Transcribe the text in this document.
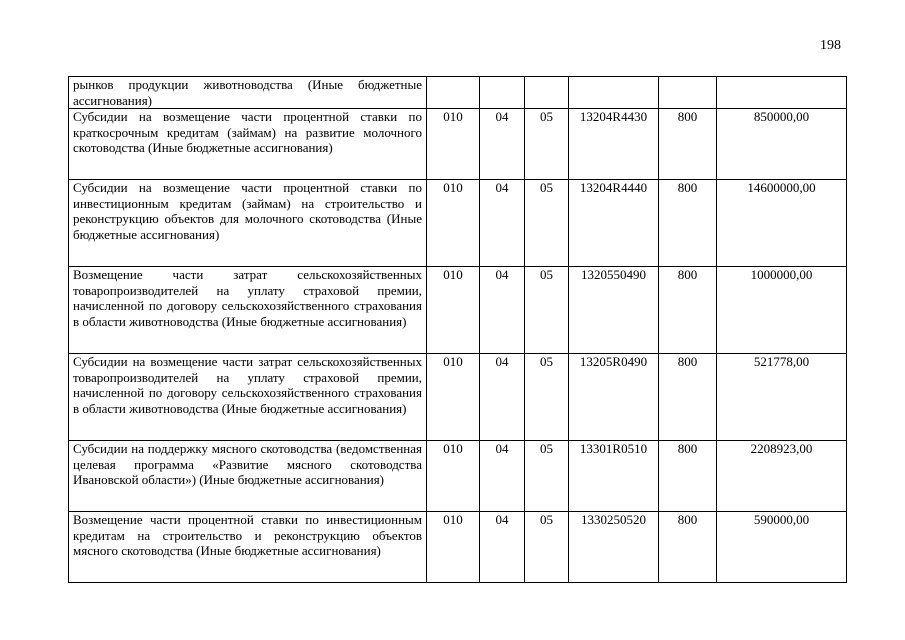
198
рынков продукции животноводства (Иные бюджетные ассигнования)						
Субсидии на возмещение части процентной ставки по краткосрочным кредитам (займам) на развитие молочного скотоводства (Иные бюджетные ассигнования)	010	04	05	13204R4430	800	850000,00
Субсидии на возмещение части процентной ставки по инвестиционным кредитам (займам) на строительство и реконструкцию объектов для молочного скотоводства (Иные бюджетные ассигнования)	010	04	05	13204R4440	800	14600000,00
Возмещение части затрат сельскохозяйственных товаропроизводителей на уплату страховой премии, начисленной по договору сельскохозяйственного страхования в области животноводства (Иные бюджетные ассигнования)	010	04	05	1320550490	800	1000000,00
Субсидии на возмещение части затрат сельскохозяйственных товаропроизводителей на уплату страховой премии, начисленной по договору сельскохозяйственного страхования в области животноводства (Иные бюджетные ассигнования)	010	04	05	13205R0490	800	521778,00
Субсидии на поддержку мясного скотоводства (ведомственная целевая программа «Развитие мясного скотоводства Ивановской области») (Иные бюджетные ассигнования)	010	04	05	13301R0510	800	2208923,00
Возмещение части процентной ставки по инвестиционным кредитам на строительство и реконструкцию объектов мясного скотоводства (Иные бюджетные ассигнования)	010	04	05	1330250520	800	590000,00
